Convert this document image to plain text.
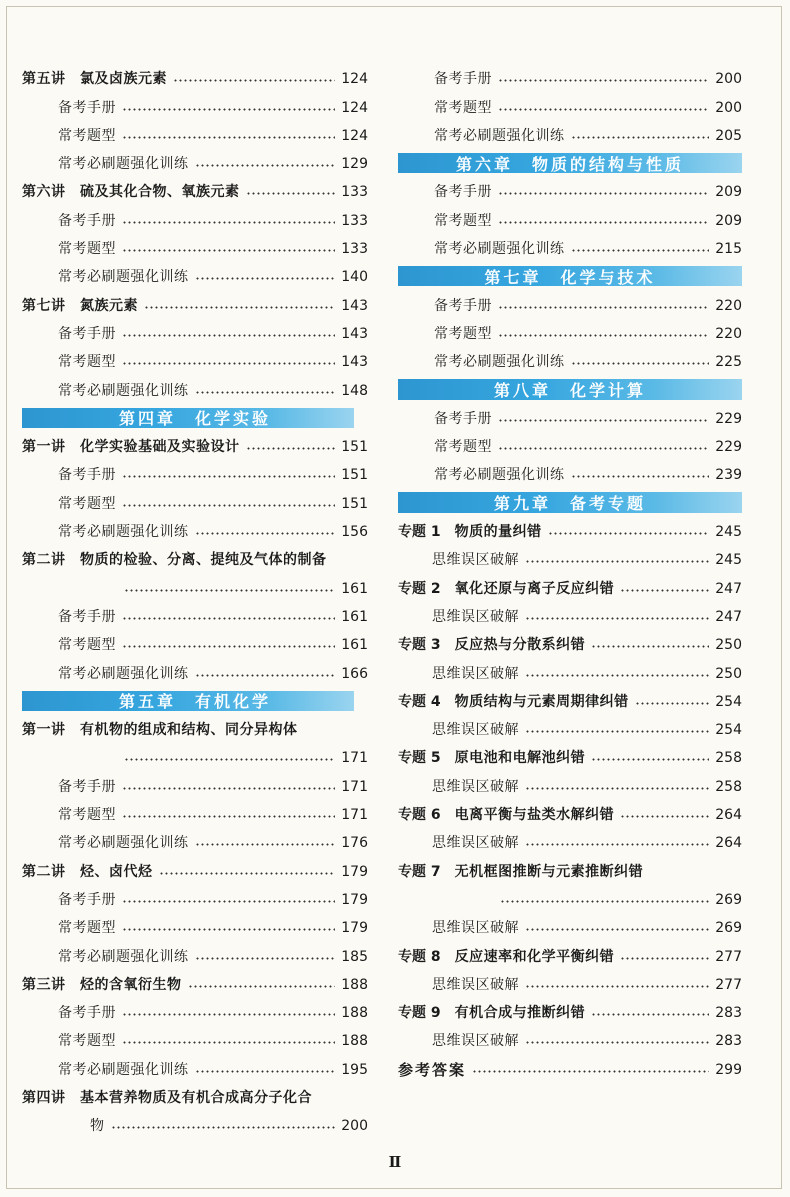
第五讲　氯及卤族元素	124
备考手册	124
常考题型	124
常考必刷题强化训练	129
第六讲　硫及其化合物、氧族元素	133
备考手册	133
常考题型	133
常考必刷题强化训练	140
第七讲　氮族元素	143
备考手册	143
常考题型	143
常考必刷题强化训练	148
第四章　化学实验
第一讲　化学实验基础及实验设计	151
备考手册	151
常考题型	151
常考必刷题强化训练	156
第二讲　物质的检验、分离、提纯及气体的制备
161
备考手册	161
常考题型	161
常考必刷题强化训练	166
第五章　有机化学
第一讲　有机物的组成和结构、同分异构体
171
备考手册	171
常考题型	171
常考必刷题强化训练	176
第二讲　烃、卤代烃	179
备考手册	179
常考题型	179
常考必刷题强化训练	185
第三讲　烃的含氧衍生物	188
备考手册	188
常考题型	188
常考必刷题强化训练	195
第四讲　基本营养物质及有机合成高分子化合
物	200
备考手册	200
常考题型	200
常考必刷题强化训练	205
第六章　物质的结构与性质
备考手册	209
常考题型	209
常考必刷题强化训练	215
第七章　化学与技术
备考手册	220
常考题型	220
常考必刷题强化训练	225
第八章　化学计算
备考手册	229
常考题型	229
常考必刷题强化训练	239
第九章　备考专题
专题 1 物质的量纠错	245
思维误区破解	245
专题 2 氧化还原与离子反应纠错	247
思维误区破解	247
专题 3 反应热与分散系纠错	250
思维误区破解	250
专题 4 物质结构与元素周期律纠错	254
思维误区破解	254
专题 5 原电池和电解池纠错	258
思维误区破解	258
专题 6 电离平衡与盐类水解纠错	264
思维误区破解	264
专题 7 无机框图推断与元素推断纠错
269
思维误区破解	269
专题 8 反应速率和化学平衡纠错	277
思维误区破解	277
专题 9 有机合成与推断纠错	283
思维误区破解	283
参考答案	299
Ⅱ
